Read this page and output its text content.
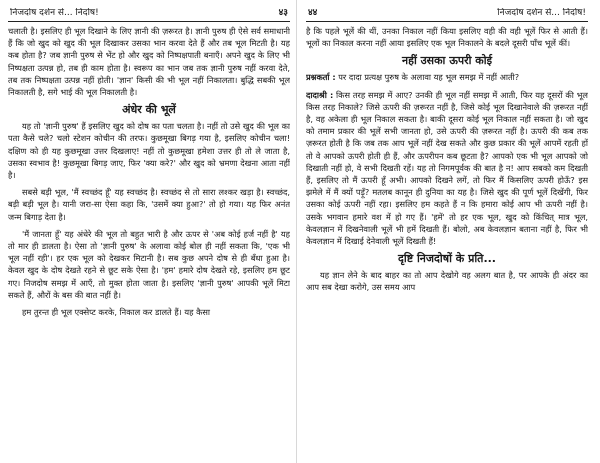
निजदोष दर्शन से... निर्दोष!	४३

चलाती है। इसलिए ही भूल दिखाने के लिए ज्ञानी की ज़रूरत है। ज्ञानी पुरुष ही ऐसे सर्व समाधानी हैं कि जो खुद को खुद की भूल दिखाकर उसका भान करवा देते हैं और तब भूल मिटती है। यह कब होता है? जब ज्ञानी पुरुष से भेंट हो और खुद को निष्पक्षपाती बनाएँ। अपने खुद के लिए भी निष्पक्षता उत्पन्न हो, तब ही काम होता है। स्वरूप का भान जब तक ज्ञानी पुरुष नहीं करवा देते, तब तक निष्पक्षता उत्पन्न नहीं होती। 'ज्ञान' किसी की भी भूल नहीं निकालता। बुद्धि सबकी भूल निकालती है, सगे भाई की भूल निकालती है।

अंधेर की भूलें

यह तो 'ज्ञानी पुरुष' हैं इसलिए खुद को दोष का पता चलता है। नहीं तो उसे खुद की भूल का पता कैसे चले? चलो स्टेशन कोचीन की तरफ। कुछमूखा बिगड़ गया है, इसलिए कोचीन चला! दक्षिण को ही यह कुछमूखा उत्तर दिखलाए! नहीं तो कुछमूखा हमेशा उत्तर ही तो ले जाता है, उसका स्वभाव है! कुछमूखा बिगड़ जाए, फिर 'क्या करे?' और खुद को भ्रमणा देखना आता नहीं है।

सबसे बड़ी भूल, 'मैं स्वच्छंद हूँ' यह स्वच्छंद है। स्वच्छंद से तो सारा लश्कर खड़ा है। स्वच्छंद, बड़ी बड़ी भूल है। यानी जरा-सा ऐसा कहा कि, 'उसमें क्या हुआ?' तो हो गया। यह फिर अनंत जन्म बिगाड़ देता है।

'मैं जानता हूँ' यह अंधेरे की भूल तो बहुत भारी है और ऊपर से 'अब कोई हर्ज नहीं है' यह तो मार ही डालता है। ऐसा तो 'ज्ञानी पुरुष' के अलावा कोई बोल ही नहीं सकता कि, 'एक भी भूल नहीं रही'। हर एक भूल को देखकर मिटानी है। सब कुछ अपने दोष से ही बँधा हुआ है। केवल खुद के दोष देखते रहने से छूट सके ऐसा है। 'हम' हमारे दोष देखते रहे, इसलिए हम छूट गए। निजदोष समझ में आएँ, तो मुक्त होता जाता है। इसलिए 'ज्ञानी पुरुष' आपकी भूलें मिटा सकते हैं, औरों के बस की बात नहीं है।

हम तुरन्त ही भूल एक्सेप्ट करके, निकाल कर डालते हैं। यह कैसा

४४	निजदोष दर्शन से... निर्दोष!

है कि पहले भूलें की थीं, उनका निकाल नहीं किया इसलिए वही की वही भूलें फिर से आती हैं। भूलों का निकाल करना नहीं आया इसलिए एक भूल निकालने के बदले दूसरी पाँच भूलें कीं।

नहीं उसका ऊपरी कोई

प्रश्नकर्ता : पर दादा प्रत्यक्ष पुरुष के अलावा यह भूल समझ में नहीं आती?

दादाश्री : किस तरह समझ में आए? उनकी ही भूल नहीं समझ में आती, फिर यह दूसरों की भूल किस तरह निकाले? जिसे ऊपरी की ज़रूरत नहीं है, जिसे कोई भूल दिखानेवाले की ज़रूरत नहीं है, वह अकेला ही भूल निकाल सकता है। बाकी दूसरा कोई भूल निकाल नहीं सकता है। जो खुद को तमाम प्रकार की भूलें सभी जानता हो, उसे ऊपरी की ज़रूरत नहीं है। ऊपरी की कब तक ज़रूरत होती है कि जब तक आप भूलें नहीं देख सकते और कुछ प्रकार की भूलें आपमें रहती हों तो वे आपको ऊपरी होती ही हैं, और ऊपरीपन कब छूटता है? आपको एक भी भूल आपको जो दिखाती नहीं हो, वे सभी दिखती रहें। यह तो निगमपूर्वक की बात है न! आप सबको कम दिखती हैं, इसलिए तो मैं ऊपरी हूँ अभी। आपको दिखने लगें, तो फिर मैं किसलिए ऊपरी होऊँ? इस झमेले में मैं क्यों पड़ूँ? मतलब कानून ही दुनिया का यह है। जिसे खुद की पूर्ण भूलें दिखेंगी, फिर उसका कोई ऊपरी नहीं रहा। इसलिए हम कहते हैं न कि हमारा कोई आप भी ऊपरी नहीं है। उसके भगवान हमारे वश में हो गए हैं। 'हमें' तो हर एक भूल, खुद को किंचित् मात्र भूल, केवलज्ञान में दिखनेवाली भूलें भी हमें दिखती हैं। बोलो, अब केवलज्ञान बताना नहीं है, फिर भी केवलज्ञान में दिखाई देनेवाली भूलें दिखती हैं!

दृष्टि निजदोषों के प्रति...

यह ज्ञान लेने के बाद बाहर का तो आप देखोगे वह अलग बात है, पर आपके ही अंदर का आप सब देखा करोगे, उस समय आप
